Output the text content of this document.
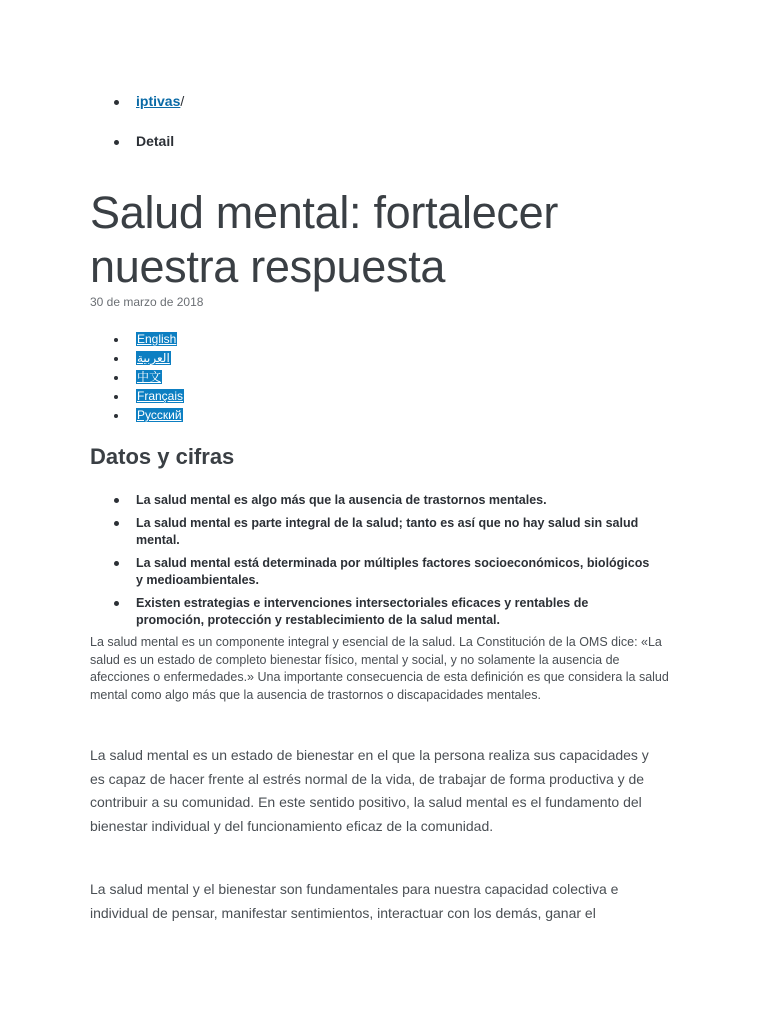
iptivas/
Detail
Salud mental: fortalecer nuestra respuesta
30 de marzo de 2018
English
العربية
中文
Français
Русский
Datos y cifras
La salud mental es algo más que la ausencia de trastornos mentales.
La salud mental es parte integral de la salud; tanto es así que no hay salud sin salud mental.
La salud mental está determinada por múltiples factores socioeconómicos, biológicos y medioambientales.
Existen estrategias e intervenciones intersectoriales eficaces y rentables de promoción, protección y restablecimiento de la salud mental.

La salud mental es un componente integral y esencial de la salud. La Constitución de la OMS dice: «La salud es un estado de completo bienestar físico, mental y social, y no solamente la ausencia de afecciones o enfermedades.» Una importante consecuencia de esta definición es que considera la salud mental como algo más que la ausencia de trastornos o discapacidades mentales.

La salud mental es un estado de bienestar en el que la persona realiza sus capacidades y es capaz de hacer frente al estrés normal de la vida, de trabajar de forma productiva y de contribuir a su comunidad. En este sentido positivo, la salud mental es el fundamento del bienestar individual y del funcionamiento eficaz de la comunidad.

La salud mental y el bienestar son fundamentales para nuestra capacidad colectiva e individual de pensar, manifestar sentimientos, interactuar con los demás, ganar el
